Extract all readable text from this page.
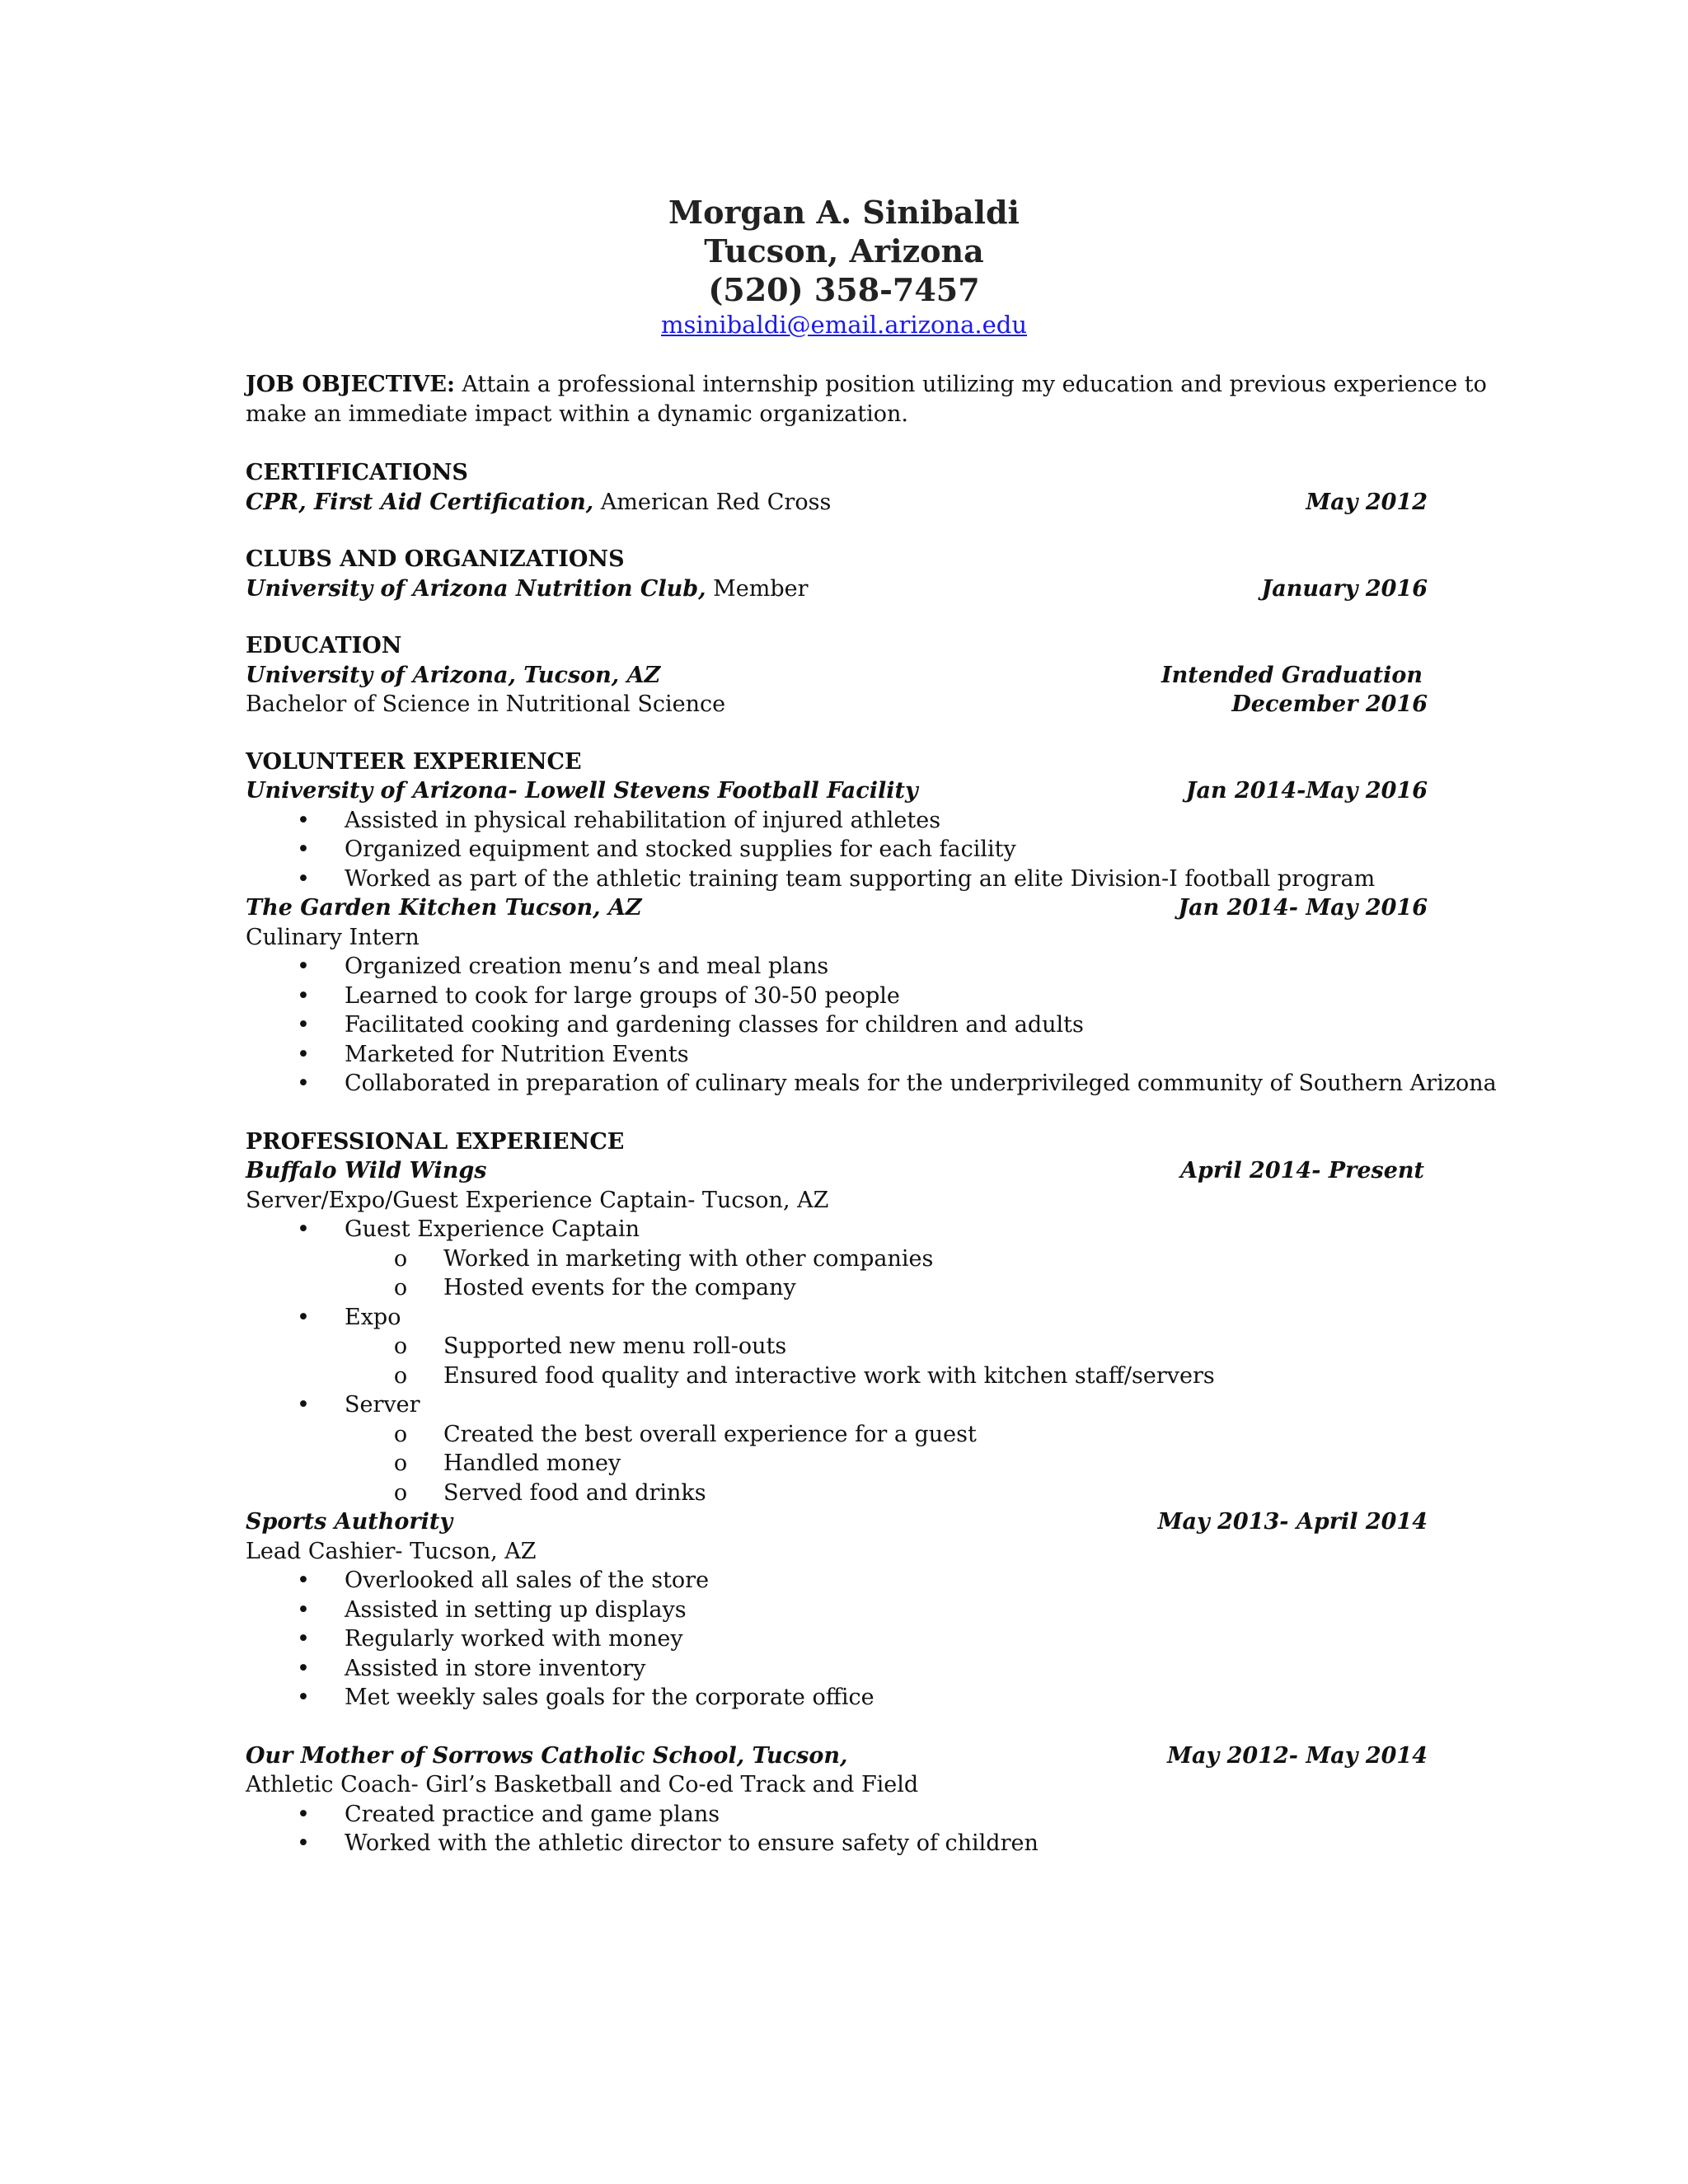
Morgan A. Sinibaldi
Tucson, Arizona
(520) 358-7457
msinibaldi@email.arizona.edu
JOB OBJECTIVE: Attain a professional internship position utilizing my education and previous experience to
make an immediate impact within a dynamic organization.
CERTIFICATIONS
CPR, First Aid Certification, American Red Cross	May 2012
CLUBS AND ORGANIZATIONS
University of Arizona Nutrition Club, Member	January 2016
EDUCATION
University of Arizona, Tucson, AZ	Intended Graduation
Bachelor of Science in Nutritional Science	December 2016
VOLUNTEER EXPERIENCE
University of Arizona- Lowell Stevens Football Facility	Jan 2014-May 2016
• Assisted in physical rehabilitation of injured athletes
• Organized equipment and stocked supplies for each facility
• Worked as part of the athletic training team supporting an elite Division-I football program
The Garden Kitchen Tucson, AZ	Jan 2014- May 2016
Culinary Intern
• Organized creation menu’s and meal plans
• Learned to cook for large groups of 30-50 people
• Facilitated cooking and gardening classes for children and adults
• Marketed for Nutrition Events
• Collaborated in preparation of culinary meals for the underprivileged community of Southern Arizona
PROFESSIONAL EXPERIENCE
Buffalo Wild Wings	April 2014- Present
Server/Expo/Guest Experience Captain- Tucson, AZ
• Guest Experience Captain
o Worked in marketing with other companies
o Hosted events for the company
• Expo
o Supported new menu roll-outs
o Ensured food quality and interactive work with kitchen staff/servers
• Server
o Created the best overall experience for a guest
o Handled money
o Served food and drinks
Sports Authority	May 2013- April 2014
Lead Cashier- Tucson, AZ
• Overlooked all sales of the store
• Assisted in setting up displays
• Regularly worked with money
• Assisted in store inventory
• Met weekly sales goals for the corporate office
Our Mother of Sorrows Catholic School, Tucson,	May 2012- May 2014
Athletic Coach- Girl’s Basketball and Co-ed Track and Field
• Created practice and game plans
• Worked with the athletic director to ensure safety of children
